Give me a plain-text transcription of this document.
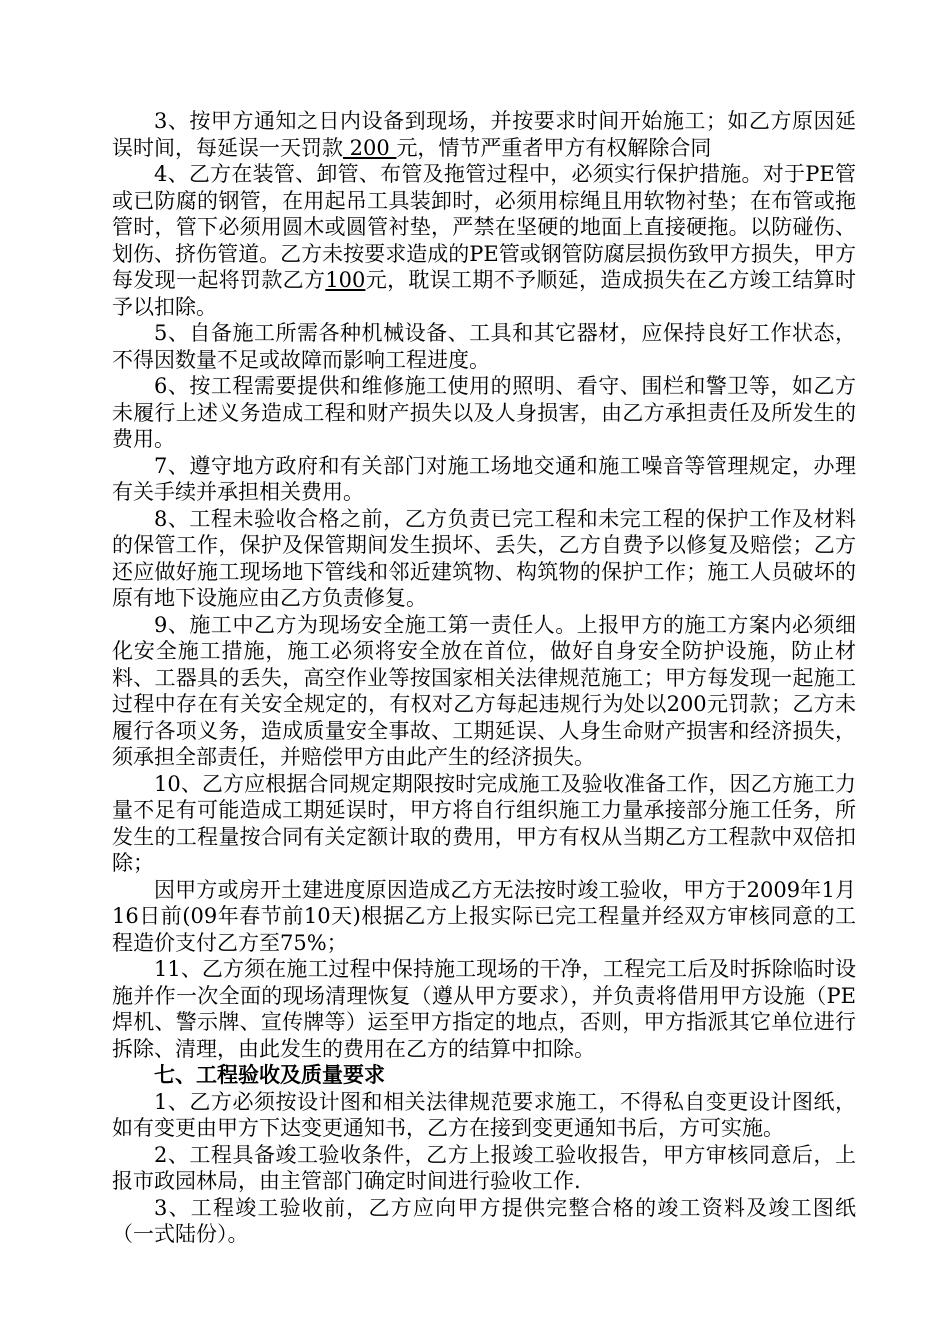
3、按甲方通知之日内设备到现场，并按要求时间开始施工；如乙方原因延误时间，每延误一天罚款 200 元，情节严重者甲方有权解除合同

4、乙方在装管、卸管、布管及拖管过程中，必须实行保护措施。对于PE管或已防腐的钢管，在用起吊工具装卸时，必须用棕绳且用软物衬垫；在布管或拖管时，管下必须用圆木或圆管衬垫，严禁在坚硬的地面上直接硬拖。以防碰伤、划伤、挤伤管道。乙方未按要求造成的PE管或钢管防腐层损伤致甲方损失，甲方每发现一起将罚款乙方100元，耽误工期不予顺延，造成损失在乙方竣工结算时予以扣除。

5、自备施工所需各种机械设备、工具和其它器材，应保持良好工作状态，不得因数量不足或故障而影响工程进度。

6、按工程需要提供和维修施工使用的照明、看守、围栏和警卫等，如乙方未履行上述义务造成工程和财产损失以及人身损害，由乙方承担责任及所发生的费用。

7、遵守地方政府和有关部门对施工场地交通和施工噪音等管理规定，办理有关手续并承担相关费用。

8、工程未验收合格之前，乙方负责已完工程和未完工程的保护工作及材料的保管工作，保护及保管期间发生损坏、丢失，乙方自费予以修复及赔偿；乙方还应做好施工现场地下管线和邻近建筑物、构筑物的保护工作；施工人员破坏的原有地下设施应由乙方负责修复。

9、施工中乙方为现场安全施工第一责任人。上报甲方的施工方案内必须细化安全施工措施，施工必须将安全放在首位，做好自身安全防护设施，防止材料、工器具的丢失，高空作业等按国家相关法律规范施工；甲方每发现一起施工过程中存在有关安全规定的，有权对乙方每起违规行为处以200元罚款；乙方未履行各项义务，造成质量安全事故、工期延误、人身生命财产损害和经济损失，须承担全部责任，并赔偿甲方由此产生的经济损失。

10、乙方应根据合同规定期限按时完成施工及验收准备工作，因乙方施工力量不足有可能造成工期延误时，甲方将自行组织施工力量承接部分施工任务，所发生的工程量按合同有关定额计取的费用，甲方有权从当期乙方工程款中双倍扣除；

因甲方或房开土建进度原因造成乙方无法按时竣工验收，甲方于2009年1月16日前(09年春节前10天)根据乙方上报实际已完工程量并经双方审核同意的工程造价支付乙方至75%；

11、乙方须在施工过程中保持施工现场的干净，工程完工后及时拆除临时设施并作一次全面的现场清理恢复（遵从甲方要求），并负责将借用甲方设施（PE焊机、警示牌、宣传牌等）运至甲方指定的地点，否则，甲方指派其它单位进行拆除、清理，由此发生的费用在乙方的结算中扣除。

七、工程验收及质量要求

1、乙方必须按设计图和相关法律规范要求施工，不得私自变更设计图纸，如有变更由甲方下达变更通知书，乙方在接到变更通知书后，方可实施。

2、工程具备竣工验收条件，乙方上报竣工验收报告，甲方审核同意后，上报市政园林局，由主管部门确定时间进行验收工作.

3、工程竣工验收前，乙方应向甲方提供完整合格的竣工资料及竣工图纸（一式陆份）。
